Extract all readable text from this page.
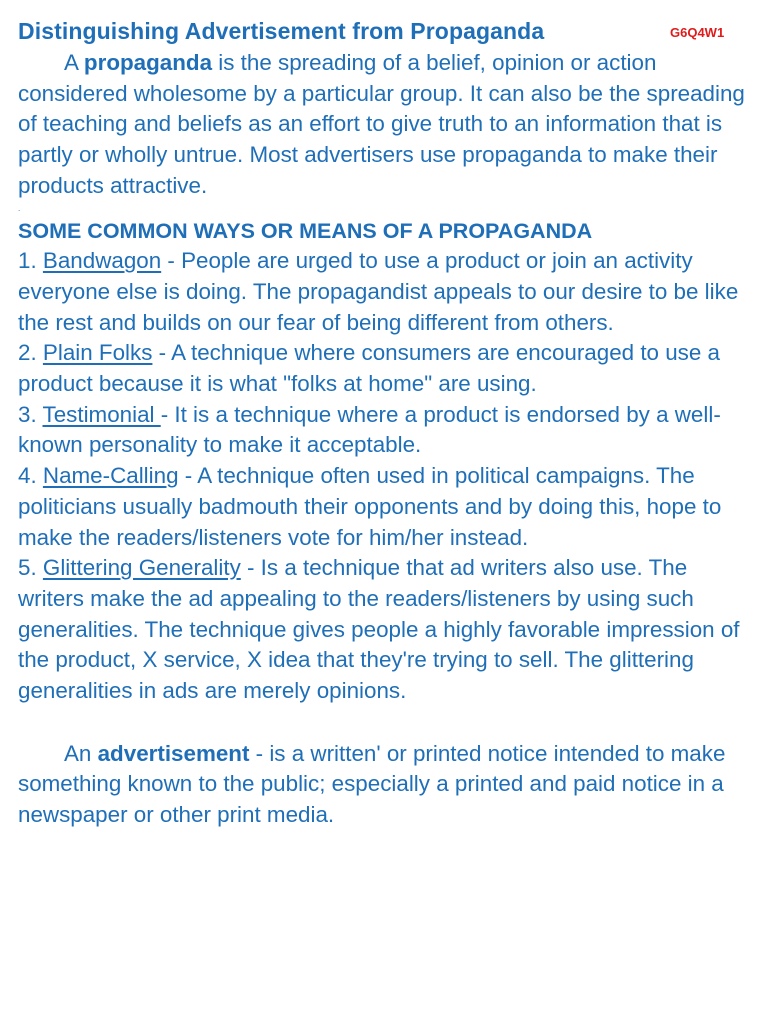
Distinguishing Advertisement from Propaganda	G6Q4W1

A propaganda is the spreading of a belief, opinion or action considered wholesome by a particular group. It can also be the spreading of teaching and beliefs as an effort to give truth to an information that is partly or wholly untrue. Most advertisers use propaganda to make their products attractive.

.

SOME COMMON WAYS OR MEANS OF A PROPAGANDA

1. Bandwagon - People are urged to use a product or join an activity everyone else is doing. The propagandist appeals to our desire to be like the rest and builds on our fear of being different from others.

2. Plain Folks - A technique where consumers are encouraged to use a product because it is what "folks at home" are using.

3. Testimonial - It is a technique where a product is endorsed by a well-known personality to make it acceptable.

4. Name-Calling - A technique often used in political campaigns. The politicians usually badmouth their opponents and by doing this, hope to make the readers/listeners vote for him/her instead.

5. Glittering Generality - Is a technique that ad writers also use. The writers make the ad appealing to the readers/listeners by using such generalities. The technique gives people a highly favorable impression of the product, X service, X idea that they're trying to sell. The glittering generalities in ads are merely opinions.

An advertisement - is a written' or printed notice intended to make something known to the public; especially a printed and paid notice in a newspaper or other print media.
